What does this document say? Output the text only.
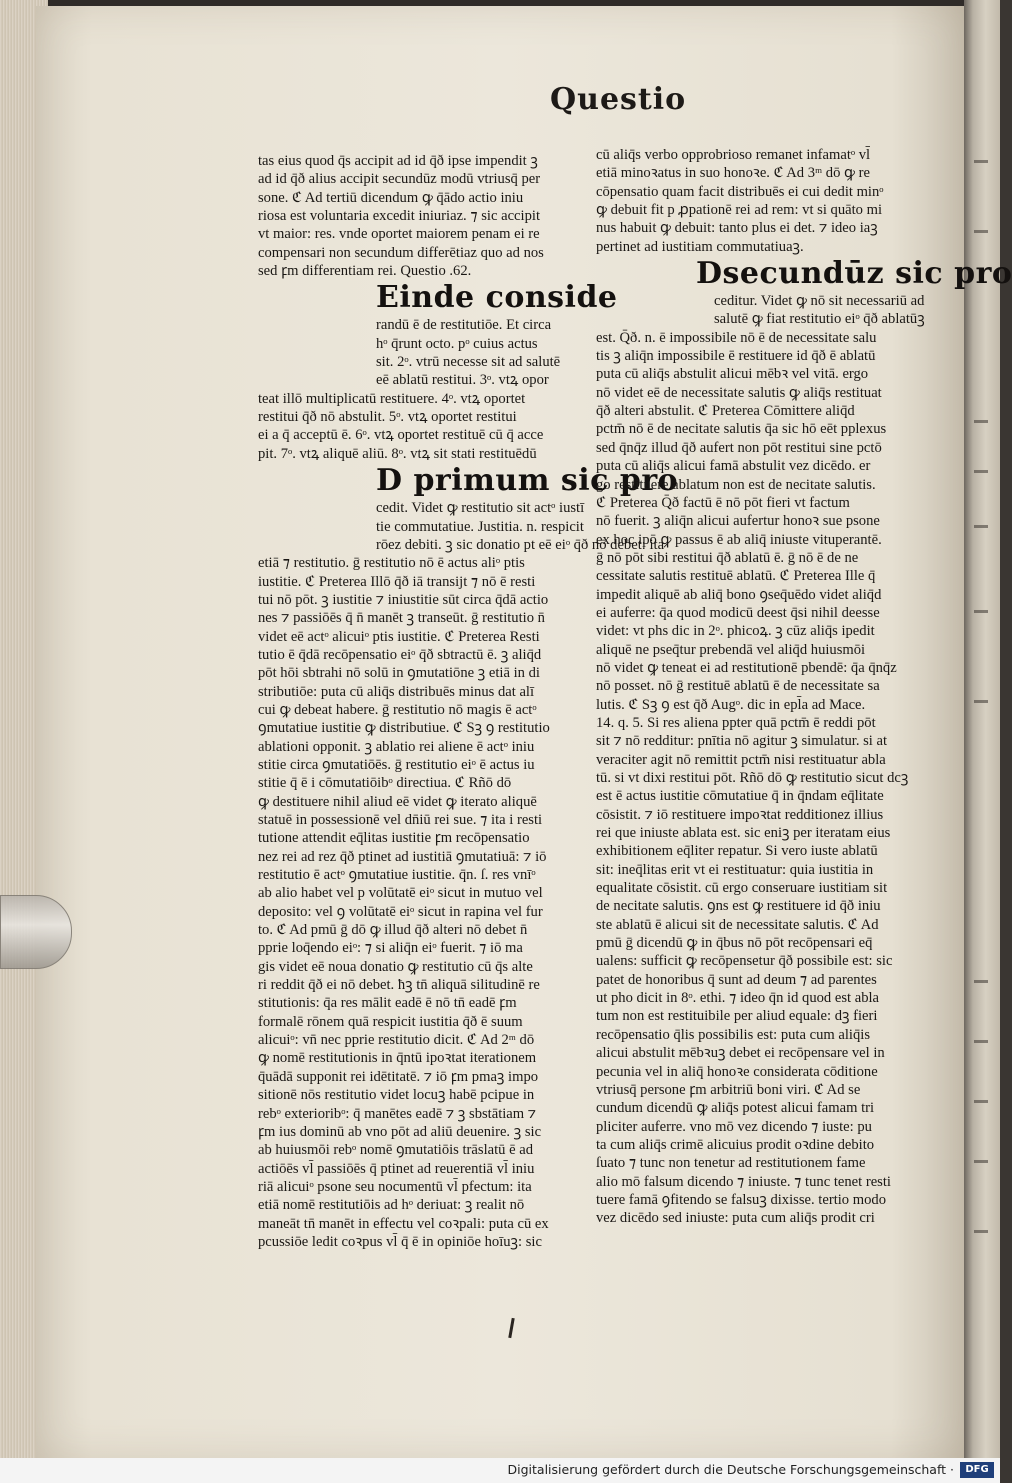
Questio
tas eius quod q̄s accipit ad id q̄ð ipse impendit ꝫ
ad id q̄ð alius accipit secundūz modū vtriusq̄ per
sone. ℭ Ad tertiū dicendum ꝙ q̄ādo actio iniu
riosa est voluntaria excedit iniuriaz. ⁊ sic accipit
vt maior: res. vnde oportet maiorem penam ei re
compensari non secundum differētiaz quo ad nos
sed ꝼm differentiam rei. Questio .62.
Einde conside
randū ē de restitutiōe. Et circa
hᵒ q̄runt octo. pᵒ cuius actus
sit. 2ᵒ. vtrū necesse sit ad salutē
eē ablatū restitui. 3ᵒ. vtꝝ opor
teat illō multiplicatū restituere. 4ᵒ. vtꝝ oportet
restitui q̄ð nō abstulit. 5ᵒ. vtꝝ oportet restitui
ei a q̄ acceptū ē. 6ᵒ. vtꝝ oportet restituē cū q̄ acce
pit. 7ᵒ. vtꝝ aliquē aliū. 8ᵒ. vtꝝ sit stati restituēdū
D primum sic pro
cedit. Videt ꝙ restitutio sit actᵒ iustī
tie commutatiue. Justitia. n. respicit
rōez debiti. ꝫ sic donatio pt eē eiᵒ q̄ð nō debet: ita
etiā ⁊ restitutio. ḡ restitutio nō ē actus aliᵒ ptis
iustitie. ℭ Preterea Illō q̄ð iā transijt ⁊ nō ē resti
tui nō pōt. ꝫ iustitie ⁊ iniustitie sūt circa q̄dā actio
nes ⁊ passiōēs q̄ n̄ manēt ꝫ transeūt. ḡ restitutio n̄
videt eē actᵒ alicuiᵒ ptis iustitie. ℭ Preterea Resti
tutio ē q̄dā recōpensatio eiᵒ q̄ð sbtractū ē. ꝫ aliq̄d
pōt hōi sbtrahi nō solū in ꝯmutatiōne ꝫ etiā in di
stributiōe: puta cū aliq̄s distribuēs minus dat alī
cui ꝙ debeat habere. ḡ restitutio nō magis ē actᵒ
ꝯmutatiue iustitie ꝙ distributiue. ℭ Sꝫ ꝯ restitutio
ablationi opponit. ꝫ ablatio rei aliene ē actᵒ iniu
stitie circa ꝯmutatiōēs. ḡ restitutio eiᵒ ē actus iu
stitie q̄ ē i cōmutatiōibᵒ directiua. ℭ Rñō dō
ꝙ destituere nihil aliud eē videt ꝙ iterato aliquē
statuē in possessionē vel dn̄iū rei sue. ⁊ ita i resti
tutione attendit eq̄litas iustitie ꝼm recōpensatio
nez rei ad rez q̄ð ptinet ad iustitiā ꝯmutatiuā: ⁊ iō
restitutio ē actᵒ ꝯmutatiue iustitie. q̄n. ſ. res vnīᵒ
ab alio habet vel p volūtatē eiᵒ sicut in mutuo vel
deposito: vel ꝯ volūtatē eiᵒ sicut in rapina vel fur
to. ℭ Ad pmū ḡ dō ꝙ illud q̄ð alteri nō debet n̄
pprie loq̄endo eiᵒ: ⁊ si aliq̄n eiᵒ fuerit. ⁊ iō ma
gis videt eē noua donatio ꝙ restitutio cū q̄s alte
ri reddit q̄ð ei nō debet. ħꝫ tn̄ aliquā silitudinē re
stitutionis: q̄a res mālit eadē ē nō tn̄ eadē ꝼm
formalē rōnem quā respicit iustitia q̄ð ē suum
alicuiᵒ: vn̄ nec pprie restitutio dicit. ℭ Ad 2ᵐ dō
ꝙ nomē restitutionis in q̄ntū ipoꝛtat iterationem
q̄uādā supponit rei idētitatē. ⁊ iō ꝼm pmaꝫ impo
sitionē nōs restitutio videt locuꝫ habē pcipue in
rebᵒ exterioribᵒ: q̄ manētes eadē ⁊ ꝫ sbstātiam ⁊
ꝼm ius dominū ab vno pōt ad aliū deuenire. ꝫ sic
ab huiusmōi rebᵒ nomē ꝯmutatiōis trāslatū ē ad
actiōēs vl̄ passiōēs q̄ ptinet ad reuerentiā vl̄ iniu
riā alicuiᵒ psone seu nocumentū vl̄ pfectum: ita
etiā nomē restitutiōis ad hᵒ deriuat: ꝫ realit nō
maneāt tn̄ manēt in effectu vel coꝛpali: puta cū ex
pcussiōe ledit coꝛpus vl̄ q̄ ē in opiniōe hoīuꝫ: sic
cū aliq̄s verbo opprobrioso remanet infamatᵒ vl̄
etiā minoꝛatus in suo honoꝛe. ℭ Ad 3ᵐ dō ꝙ re
cōpensatio quam facit distribuēs ei cui dedit minᵒ
ꝙ debuit fit p ꝓpationē rei ad rem: vt si quāto mi
nus habuit ꝙ debuit: tanto plus ei det. ⁊ ideo iaꝫ
pertinet ad iustitiam commutatiuaꝫ.
Dsecundūz sic pro
ceditur. Videt ꝙ nō sit necessariū ad
salutē ꝙ fiat restitutio eiᵒ q̄ð ablatūꝫ
est. Q̄ð. n. ē impossibile nō ē de necessitate salu
tis ꝫ aliq̄n impossibile ē restituere id q̄ð ē ablatū
puta cū aliq̄s abstulit alicui mēbꝛ vel vitā. ergo
nō videt eē de necessitate salutis ꝙ aliq̄s restituat
q̄ð alteri abstulit. ℭ Preterea Cōmittere aliq̄d
pctm̄ nō ē de necitate salutis q̄a sic hō eēt pplexus
sed q̄nq̄z illud q̄ð aufert non pōt restitui sine pctō
puta cū aliq̄s alicui famā abstulit vez dicēdo. er
go restituere ablatum non est de necitate salutis.
ℭ Preterea Q̄ð factū ē nō pōt fieri vt factum
nō fuerit. ꝫ aliq̄n alicui aufertur honoꝛ sue psone
ex hoc ipō ꝙ passus ē ab aliq̄ iniuste vituperantē.
ḡ nō pōt sibi restitui q̄ð ablatū ē. ḡ nō ē de ne
cessitate salutis restituē ablatū. ℭ Preterea Ille q̄
impedit aliquē ab aliq̄ bono ꝯseq̄uēdo videt aliq̄d
ei auferre: q̄a quod modicū deest q̄si nihil deesse
videt: vt phs dic in 2ᵒ. phicoꝝ. ꝫ cūz aliq̄s ipedit
aliquē ne pseq̄tur prebendā vel aliq̄d huiusmōi
nō videt ꝙ teneat ei ad restitutionē pbendē: q̄a q̄nq̄z
nō posset. nō ḡ restituē ablatū ē de necessitate sa
lutis. ℭ Sꝫ ꝯ est q̄ð Augᵒ. dic in epl̄a ad Mace.
14. q. 5. Si res aliena ppter quā pctm̄ ē reddi pōt
sit ⁊ nō redditur: pnītia nō agitur ꝫ simulatur. si at
veraciter agit nō remittit pctm̄ nisi restituatur abla
tū. si vt dixi restitui pōt. Rñō dō ꝙ restitutio sicut dcꝫ
est ē actus iustitie cōmutatiue q̄ in q̄ndam eq̄litate
cōsistit. ⁊ iō restituere impoꝛtat redditionez illius
rei que iniuste ablata est. sic eniꝫ per iteratam eius
exhibitionem eq̄liter repatur. Si vero iuste ablatū
sit: ineq̄litas erit vt ei restituatur: quia iustitia in
equalitate cōsistit. cū ergo conseruare iustitiam sit
de necitate salutis. ꝯns est ꝙ restituere id q̄ð iniu
ste ablatū ē alicui sit de necessitate salutis. ℭ Ad
pmū ḡ dicendū ꝙ in q̄bus nō pōt recōpensari eq̄
ualens: sufficit ꝙ recōpensetur q̄ð possibile est: sic
patet de honoribus q̄ sunt ad deum ⁊ ad parentes
ut pho dicit in 8ᵒ. ethi. ⁊ ideo q̄n id quod est abla
tum non est restituibile per aliud equale: dꝫ fieri
recōpensatio q̄lis possibilis est: puta cum aliq̄is
alicui abstulit mēbꝛuꝫ debet ei recōpensare vel in
pecunia vel in aliq̄ honoꝛe considerata cōditione
vtriusq̄ persone ꝼm arbitriū boni viri. ℭ Ad se
cundum dicendū ꝙ aliq̄s potest alicui famam tri
pliciter auferre. vno mō vez dicendo ⁊ iuste: pu
ta cum aliq̄s crimē alicuius prodit oꝛdine debito
ſuato ⁊ tunc non tenetur ad restitutionem fame
alio mō falsum dicendo ⁊ iniuste. ⁊ tunc tenet resti
tuere famā ꝯfitendo se falsuꝫ dixisse. tertio modo
vez dicēdo sed iniuste: puta cum aliq̄s prodit cri
Digitalisierung gefördert durch die Deutsche Forschungsgemeinschaft ·	DFG
